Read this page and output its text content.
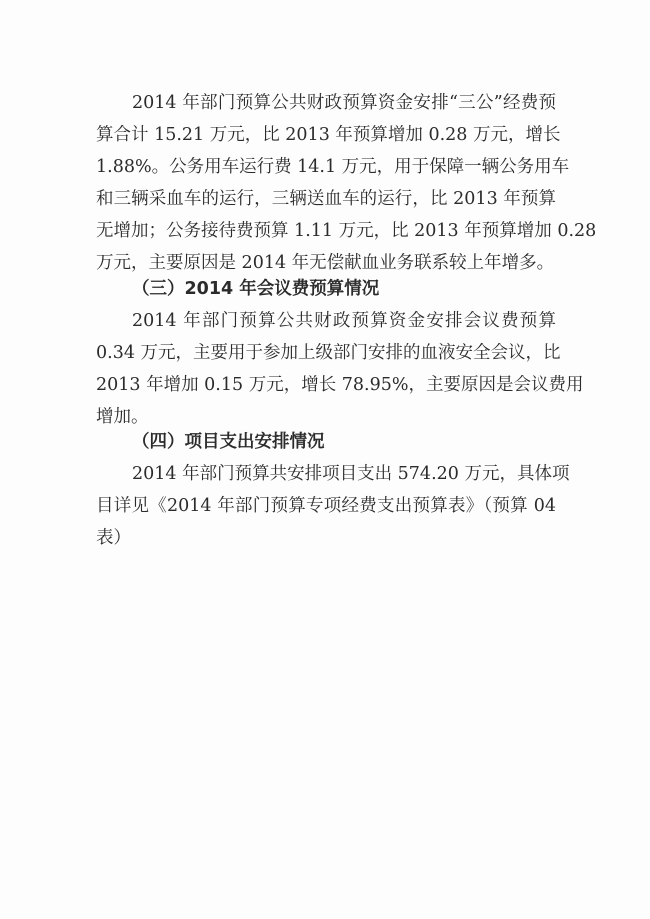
2014 年部门预算公共财政预算资金安排“三公”经费预
算合计 15.21 万元，比 2013 年预算增加 0.28 万元，增长
1.88%。公务用车运行费 14.1 万元，用于保障一辆公务用车
和三辆采血车的运行，三辆送血车的运行，比 2013 年预算
无增加；公务接待费预算 1.11 万元，比 2013 年预算增加 0.28
万元，主要原因是 2014 年无偿献血业务联系较上年增多。
（三）2014 年会议费预算情况
2014 年部门预算公共财政预算资金安排会议费预算
0.34 万元，主要用于参加上级部门安排的血液安全会议，比
2013 年增加 0.15 万元，增长 78.95%，主要原因是会议费用
增加。
（四）项目支出安排情况
2014 年部门预算共安排项目支出 574.20 万元，具体项
目详见《2014 年部门预算专项经费支出预算表》（预算 04
表）
